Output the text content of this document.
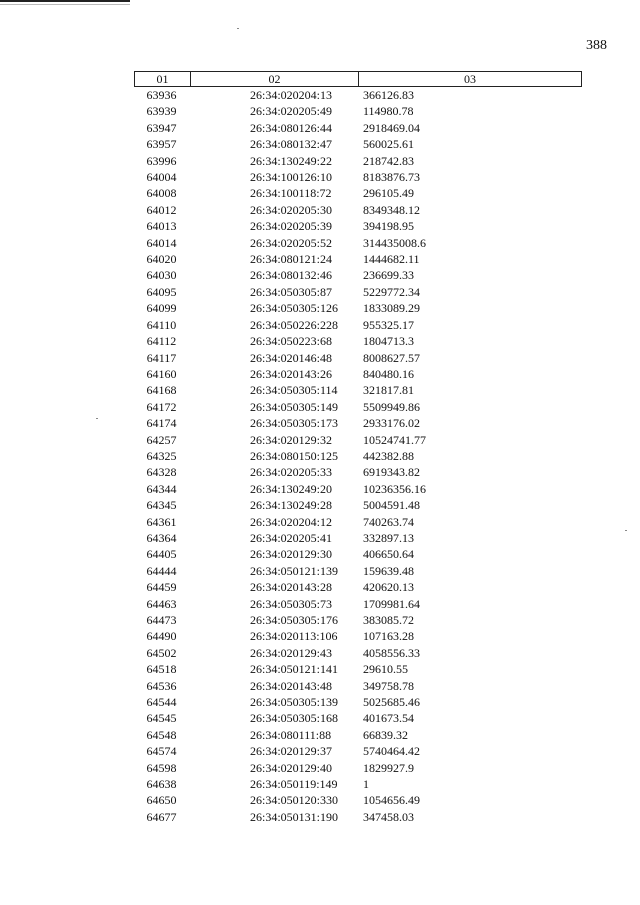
388
01	02	03
63936	26:34:020204:13	366126.83
63939	26:34:020205:49	114980.78
63947	26:34:080126:44	2918469.04
63957	26:34:080132:47	560025.61
63996	26:34:130249:22	218742.83
64004	26:34:100126:10	8183876.73
64008	26:34:100118:72	296105.49
64012	26:34:020205:30	8349348.12
64013	26:34:020205:39	394198.95
64014	26:34:020205:52	314435008.6
64020	26:34:080121:24	1444682.11
64030	26:34:080132:46	236699.33
64095	26:34:050305:87	5229772.34
64099	26:34:050305:126	1833089.29
64110	26:34:050226:228	955325.17
64112	26:34:050223:68	1804713.3
64117	26:34:020146:48	8008627.57
64160	26:34:020143:26	840480.16
64168	26:34:050305:114	321817.81
64172	26:34:050305:149	5509949.86
64174	26:34:050305:173	2933176.02
64257	26:34:020129:32	10524741.77
64325	26:34:080150:125	442382.88
64328	26:34:020205:33	6919343.82
64344	26:34:130249:20	10236356.16
64345	26:34:130249:28	5004591.48
64361	26:34:020204:12	740263.74
64364	26:34:020205:41	332897.13
64405	26:34:020129:30	406650.64
64444	26:34:050121:139	159639.48
64459	26:34:020143:28	420620.13
64463	26:34:050305:73	1709981.64
64473	26:34:050305:176	383085.72
64490	26:34:020113:106	107163.28
64502	26:34:020129:43	4058556.33
64518	26:34:050121:141	29610.55
64536	26:34:020143:48	349758.78
64544	26:34:050305:139	5025685.46
64545	26:34:050305:168	401673.54
64548	26:34:080111:88	66839.32
64574	26:34:020129:37	5740464.42
64598	26:34:020129:40	1829927.9
64638	26:34:050119:149	1
64650	26:34:050120:330	1054656.49
64677	26:34:050131:190	347458.03
